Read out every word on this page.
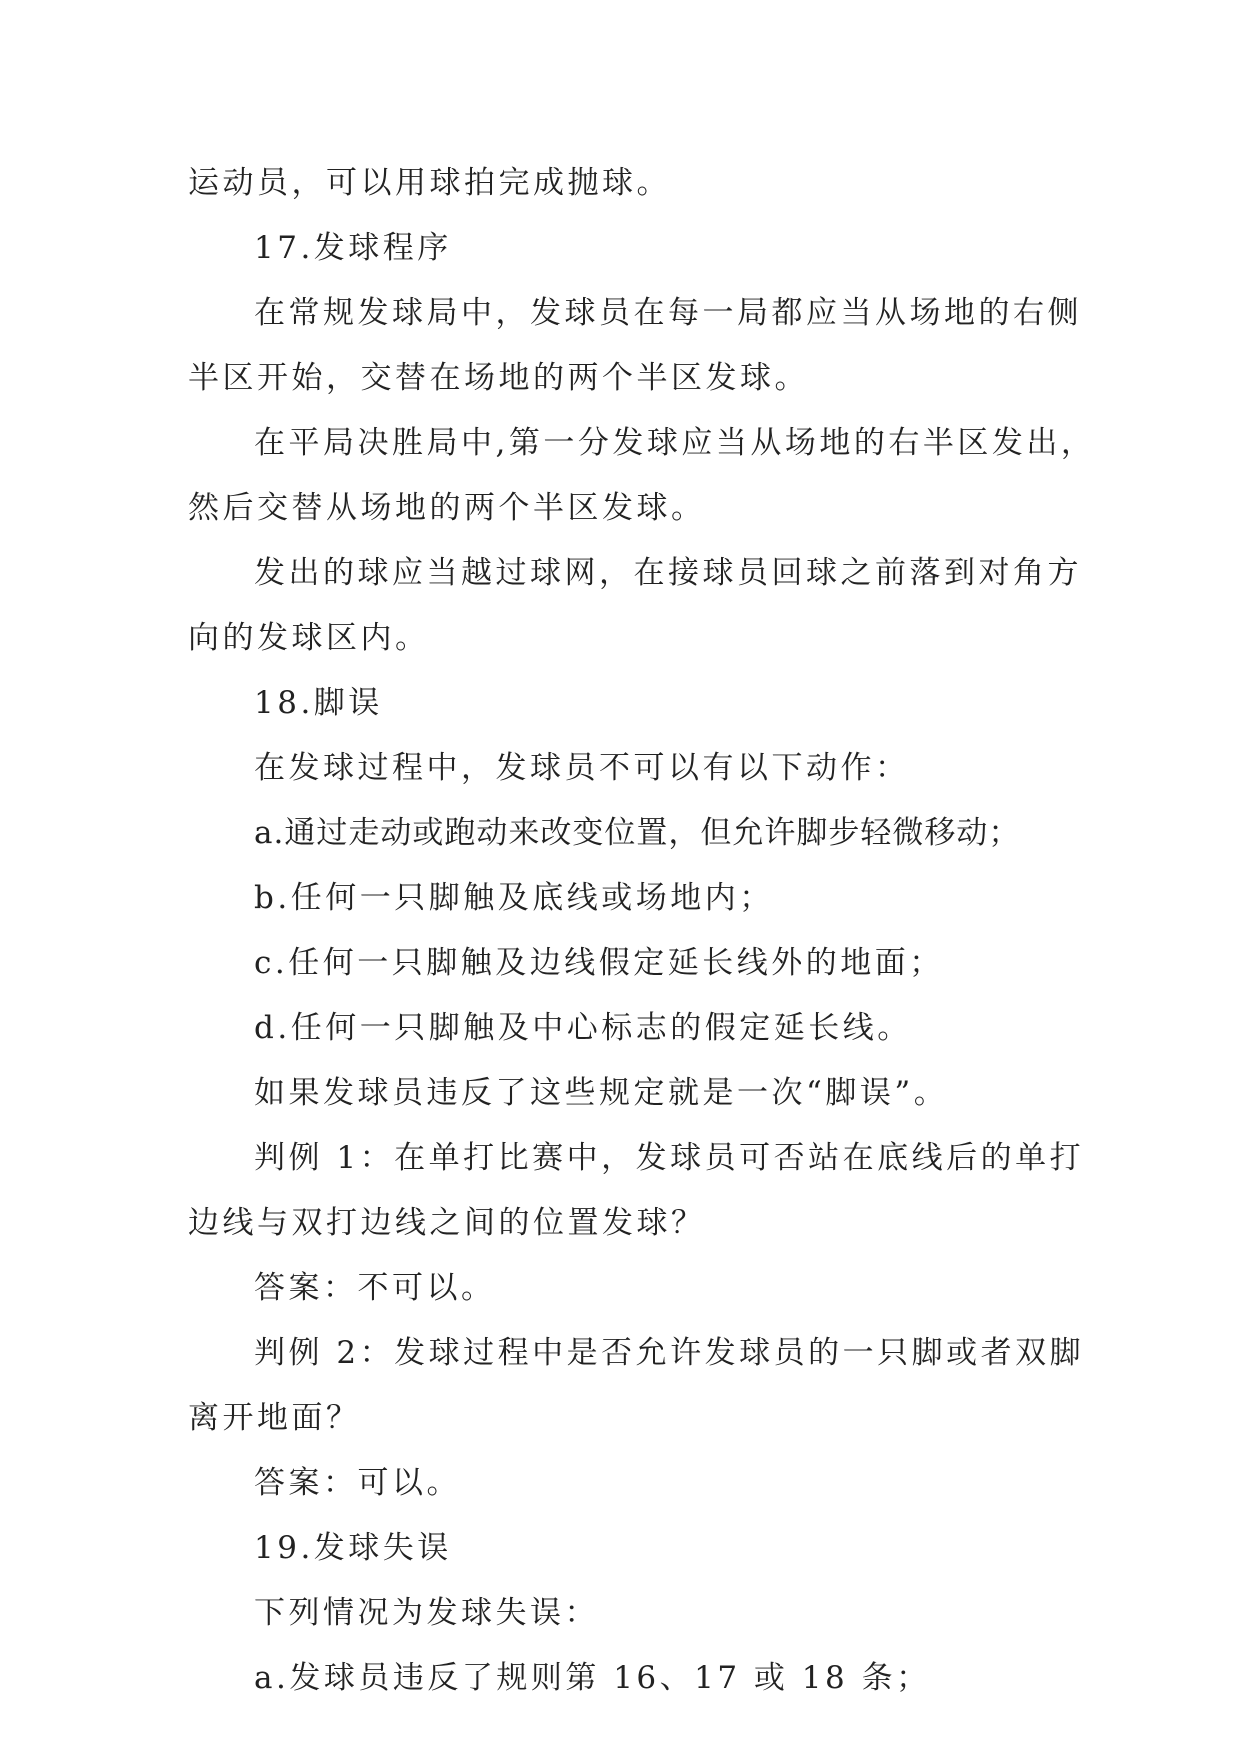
运动员，可以用球拍完成抛球。
17.发球程序
在常规发球局中，发球员在每一局都应当从场地的右侧
半区开始，交替在场地的两个半区发球。
在平局决胜局中,第一分发球应当从场地的右半区发出，
然后交替从场地的两个半区发球。
发出的球应当越过球网，在接球员回球之前落到对角方
向的发球区内。
18.脚误
在发球过程中，发球员不可以有以下动作：
a.通过走动或跑动来改变位置，但允许脚步轻微移动；
b.任何一只脚触及底线或场地内；
c.任何一只脚触及边线假定延长线外的地面；
d.任何一只脚触及中心标志的假定延长线。
如果发球员违反了这些规定就是一次“脚误”。
判例 1：在单打比赛中，发球员可否站在底线后的单打
边线与双打边线之间的位置发球？
答案：不可以。
判例 2：发球过程中是否允许发球员的一只脚或者双脚
离开地面？
答案：可以。
19.发球失误
下列情况为发球失误：
a.发球员违反了规则第 16、17 或 18 条；
